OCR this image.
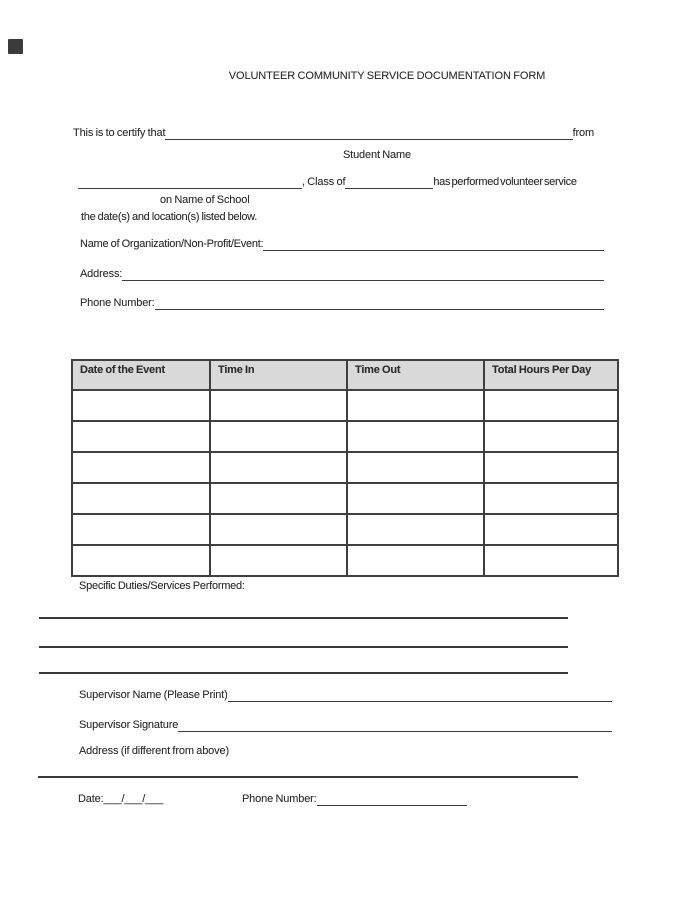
VOLUNTEER COMMUNITY SERVICE DOCUMENTATION FORM
This is to certify that	from
Student Name
, Class of	has performed volunteer service
on Name of School
the date(s) and location(s) listed below.
Name of Organization/Non-Profit/Event:
Address:
Phone Number:
Date of the Event	Time In	Time Out	Total Hours Per Day

Specific Duties/Services Performed:
Supervisor Name (Please Print)
Supervisor Signature
Address (if different from above)
Date:___/___/___	Phone Number:
